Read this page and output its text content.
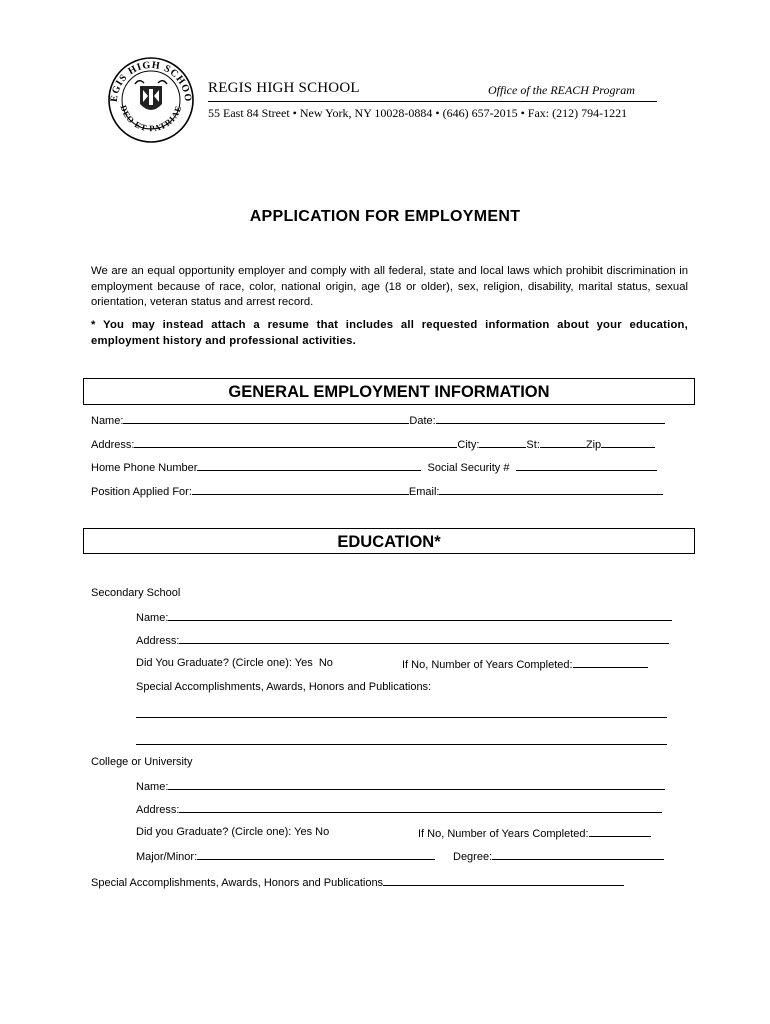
EGIS HIGH SCHOO
DEO ET PATRIAE
REGIS HIGH SCHOOL	Office of the REACH Program
55 East 84 Street • New York, NY 10028-0884 • (646) 657-2015 • Fax: (212) 794-1221
APPLICATION FOR EMPLOYMENT
We are an equal opportunity employer and comply with all federal, state and local laws which prohibit discrimination in employment because of race, color, national origin, age (18 or older), sex, religion, disability, marital status, sexual orientation, veteran status and arrest record.
* You may instead attach a resume that includes all requested information about your education, employment history and professional activities.
GENERAL EMPLOYMENT INFORMATION
Name:	Date:
Address:	City:	St:	Zip
Home Phone Number	Social Security #
Position Applied For:	Email:
EDUCATION*
Secondary School
Name:
Address:
Did You Graduate? (Circle one): Yes  No	If No, Number of Years Completed:
Special Accomplishments, Awards, Honors and Publications:
College or University
Name:
Address:
Did you Graduate? (Circle one): Yes No	If No, Number of Years Completed:
Major/Minor:	Degree:
Special Accomplishments, Awards, Honors and Publications
